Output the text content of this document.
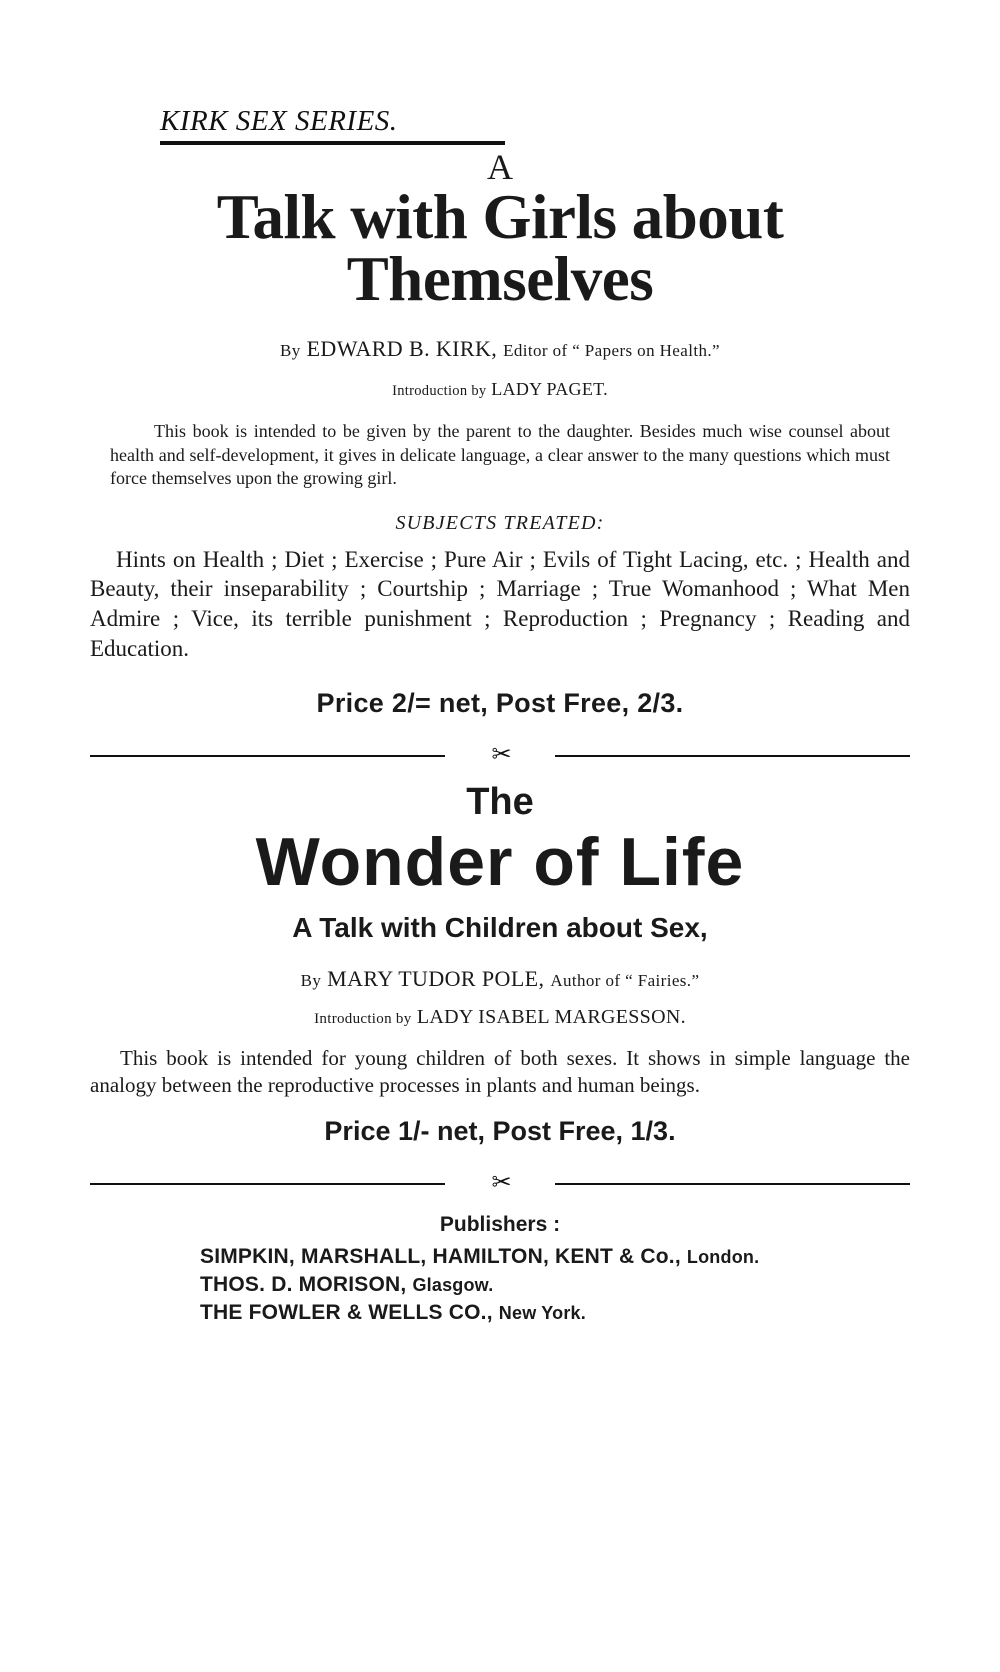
KIRK SEX SERIES.
A
Talk with Girls about
Themselves
By EDWARD B. KIRK, Editor of “ Papers on Health.”
Introduction by LADY PAGET.
This book is intended to be given by the parent to the daughter. Besides much wise counsel about health and self-development, it gives in delicate language, a clear answer to the many questions which must force themselves upon the growing girl.
SUBJECTS TREATED:
Hints on Health ; Diet ; Exercise ; Pure Air ; Evils of Tight Lacing, etc. ; Health and Beauty, their inseparability ; Courtship ; Marriage ; True Womanhood ; What Men Admire ; Vice, its terrible punishment ; Reproduction ; Pregnancy ; Reading and Education.
Price 2/= net, Post Free, 2/3.
✂
The
Wonder of Life
A Talk with Children about Sex,
By MARY TUDOR POLE, Author of “ Fairies.”
Introduction by LADY ISABEL MARGESSON.
This book is intended for young children of both sexes. It shows in simple language the analogy between the reproductive processes in plants and human beings.
Price 1/- net, Post Free, 1/3.
✂
Publishers :
SIMPKIN, MARSHALL, HAMILTON, KENT & Co., London.
THOS. D. MORISON, Glasgow.
THE FOWLER & WELLS CO., New York.
